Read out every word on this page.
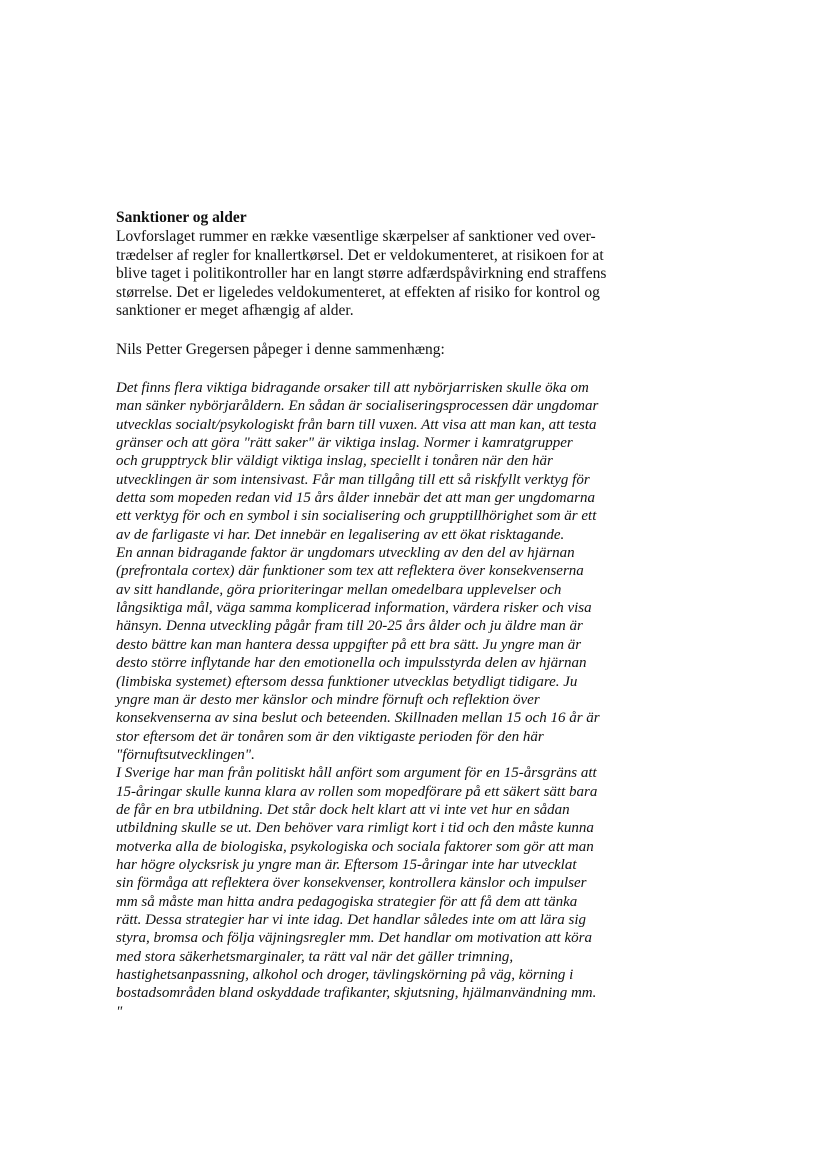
Sanktioner og alder
Lovforslaget rummer en række væsentlige skærpelser af sanktioner ved over-
trædelser af regler for knallertkørsel. Det er veldokumenteret, at risikoen for at
blive taget i politikontroller har en langt større adfærdspåvirkning end straffens
størrelse. Det er ligeledes veldokumenteret, at effekten af risiko for kontrol og
sanktioner er meget afhængig af alder.
Nils Petter Gregersen påpeger i denne sammenhæng:
Det finns flera viktiga bidragande orsaker till att nybörjarrisken skulle öka om
man sänker nybörjaråldern. En sådan är socialiseringsprocessen där ungdomar
utvecklas socialt/psykologiskt från barn till vuxen. Att visa att man kan, att testa
gränser och att göra "rätt saker" är viktiga inslag. Normer i kamratgrupper
och grupptryck blir väldigt viktiga inslag, speciellt i tonåren när den här
utvecklingen är som intensivast. Får man tillgång till ett så riskfyllt verktyg för
detta som mopeden redan vid 15 års ålder innebär det att man ger ungdomarna
ett verktyg för och en symbol i sin socialisering och grupptillhörighet som är ett
av de farligaste vi har. Det innebär en legalisering av ett ökat risktagande.
En annan bidragande faktor är ungdomars utveckling av den del av hjärnan
(prefrontala cortex) där funktioner som tex att reflektera över konsekvenserna
av sitt handlande, göra prioriteringar mellan omedelbara upplevelser och
långsiktiga mål, väga samma komplicerad information, värdera risker och visa
hänsyn. Denna utveckling pågår fram till 20-25 års ålder och ju äldre man är
desto bättre kan man hantera dessa uppgifter på ett bra sätt. Ju yngre man är
desto större inflytande har den emotionella och impulsstyrda delen av hjärnan
(limbiska systemet) eftersom dessa funktioner utvecklas betydligt tidigare. Ju
yngre man är desto mer känslor och mindre förnuft och reflektion över
konsekvenserna av sina beslut och beteenden. Skillnaden mellan 15 och 16 år är
stor eftersom det är tonåren som är den viktigaste perioden för den här
"förnuftsutvecklingen".
I Sverige har man från politiskt håll anfört som argument för en 15-årsgräns att
15-åringar skulle kunna klara av rollen som mopedförare på ett säkert sätt bara
de får en bra utbildning. Det står dock helt klart att vi inte vet hur en sådan
utbildning skulle se ut. Den behöver vara rimligt kort i tid och den måste kunna
motverka alla de biologiska, psykologiska och sociala faktorer som gör att man
har högre olycksrisk ju yngre man är. Eftersom 15-åringar inte har utvecklat
sin förmåga att reflektera över konsekvenser, kontrollera känslor och impulser
mm så måste man hitta andra pedagogiska strategier för att få dem att tänka
rätt. Dessa strategier har vi inte idag. Det handlar således inte om att lära sig
styra, bromsa och följa väjningsregler mm. Det handlar om motivation att köra
med stora säkerhetsmarginaler, ta rätt val när det gäller trimning,
hastighetsanpassning, alkohol och droger, tävlingskörning på väg, körning i
bostadsområden bland oskyddade trafikanter, skjutsning, hjälmanvändning mm.
"
